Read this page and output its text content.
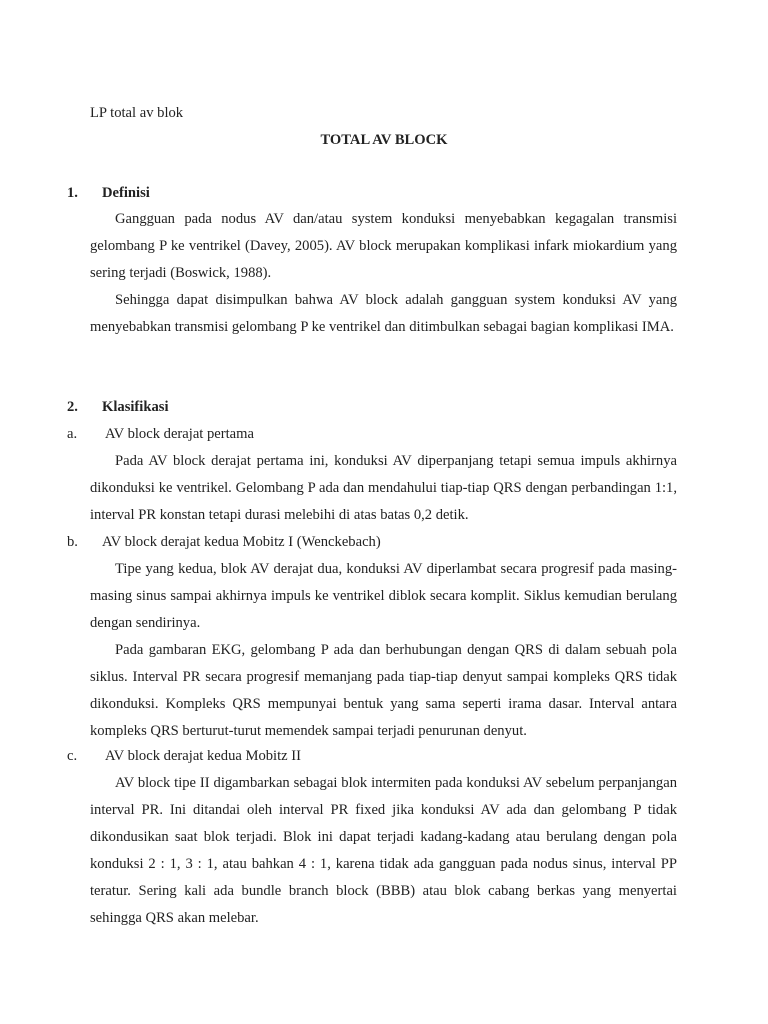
LP total av blok
TOTAL AV BLOCK
1. Definisi

Gangguan pada nodus AV dan/atau system konduksi menyebabkan kegagalan transmisi gelombang P ke ventrikel (Davey, 2005). AV block merupakan komplikasi infark miokardium yang sering terjadi (Boswick, 1988).

Sehingga dapat disimpulkan bahwa AV block adalah gangguan system konduksi AV yang menyebabkan transmisi gelombang P ke ventrikel dan ditimbulkan sebagai bagian komplikasi IMA.

2. Klasifikasi
a. AV block derajat pertama

Pada AV block derajat pertama ini, konduksi AV diperpanjang tetapi semua impuls akhirnya dikonduksi ke ventrikel. Gelombang P ada dan mendahului tiap-tiap QRS dengan perbandingan 1:1, interval PR konstan tetapi durasi melebihi di atas batas 0,2 detik.

b. AV block derajat kedua Mobitz I (Wenckebach)

Tipe yang kedua, blok AV derajat dua, konduksi AV diperlambat secara progresif pada masing-masing sinus sampai akhirnya impuls ke ventrikel diblok secara komplit. Siklus kemudian berulang dengan sendirinya.

Pada gambaran EKG, gelombang P ada dan berhubungan dengan QRS di dalam sebuah pola siklus. Interval PR secara progresif memanjang pada tiap-tiap denyut sampai kompleks QRS tidak dikonduksi. Kompleks QRS mempunyai bentuk yang sama seperti irama dasar. Interval antara kompleks QRS berturut-turut memendek sampai terjadi penurunan denyut.

c. AV block derajat kedua Mobitz II

AV block tipe II digambarkan sebagai blok intermiten pada konduksi AV sebelum perpanjangan interval PR. Ini ditandai oleh interval PR fixed jika konduksi AV ada dan gelombang P tidak dikondusikan saat blok terjadi. Blok ini dapat terjadi kadang-kadang atau berulang dengan pola konduksi 2 : 1, 3 : 1, atau bahkan 4 : 1, karena tidak ada gangguan pada nodus sinus, interval PP teratur. Sering kali ada bundle branch block (BBB) atau blok cabang berkas yang menyertai sehingga QRS akan melebar.
